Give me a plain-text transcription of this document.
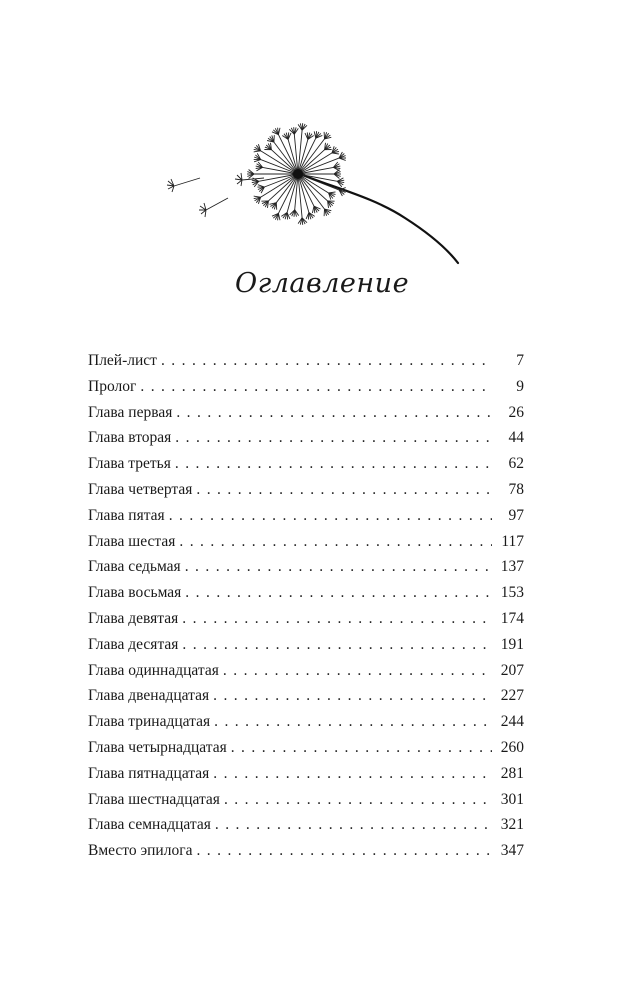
Оглавление
Плей-лист . . .	7
Пролог . . .	9
Глава первая . . .	26
Глава вторая . . .	44
Глава третья . . .	62
Глава четвертая . . .	78
Глава пятая . . .	97
Глава шестая . . .	117
Глава седьмая . . .	137
Глава восьмая . . .	153
Глава девятая . . .	174
Глава десятая . . .	191
Глава одиннадцатая . . .	207
Глава двенадцатая . . .	227
Глава тринадцатая . . .	244
Глава четырнадцатая . . .	260
Глава пятнадцатая . . .	281
Глава шестнадцатая . . .	301
Глава семнадцатая . . .	321
Вместо эпилога . . .	347
